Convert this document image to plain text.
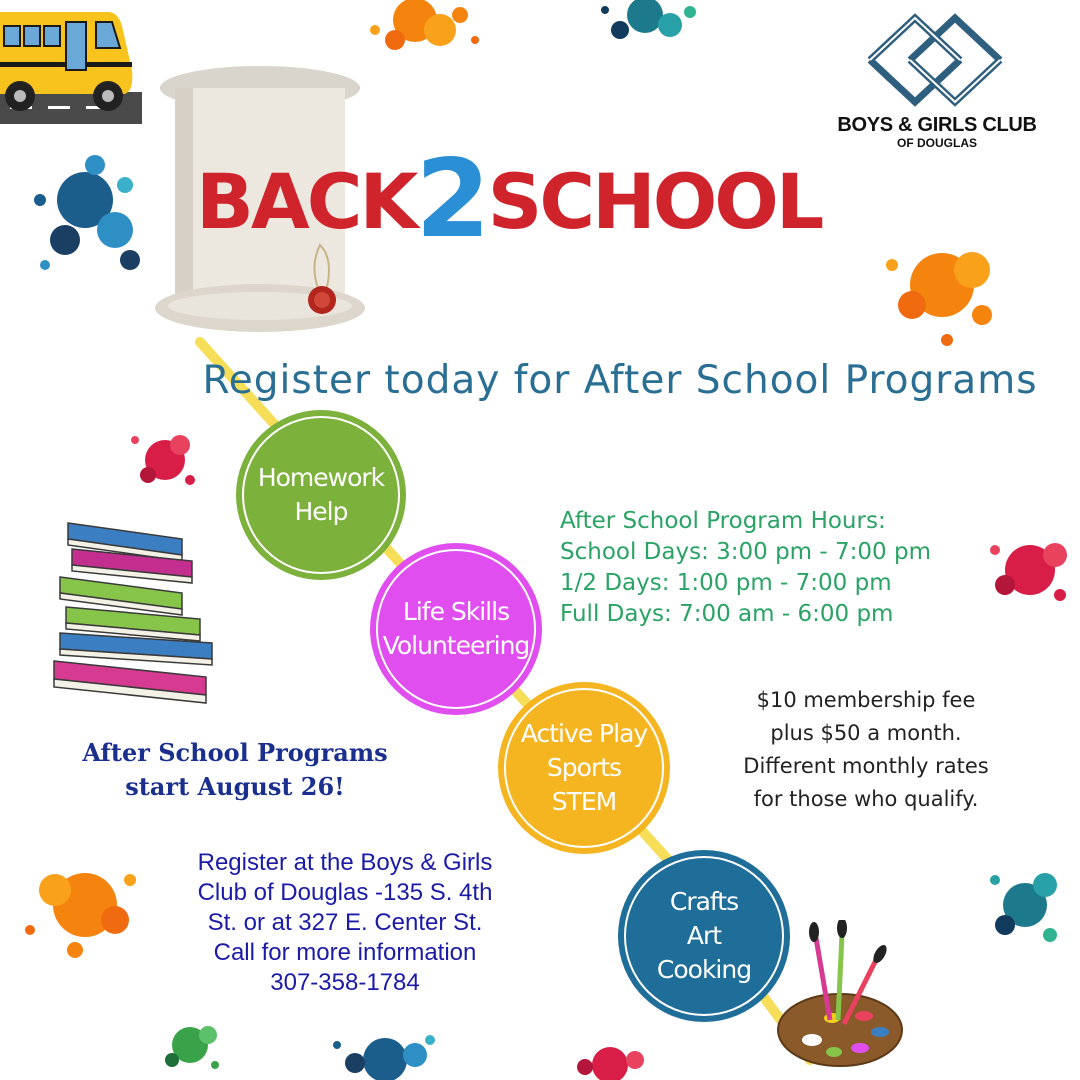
BACK2SCHOOL
BOYS & GIRLS CLUB
OF DOUGLAS
Register today for After School Programs
Homework
Help
Life Skills
Volunteering
Active Play
Sports
STEM
Crafts
Art
Cooking
After School Program Hours:
School Days: 3:00 pm - 7:00 pm
1/2 Days: 1:00 pm - 7:00 pm
Full Days: 7:00 am - 6:00 pm
$10 membership fee
plus $50 a month.
Different monthly rates
for those who qualify.
After School Programs
start August 26!
Register at the Boys & Girls
Club of Douglas -135 S. 4th
St. or at 327 E. Center St.
Call for more information
307-358-1784
